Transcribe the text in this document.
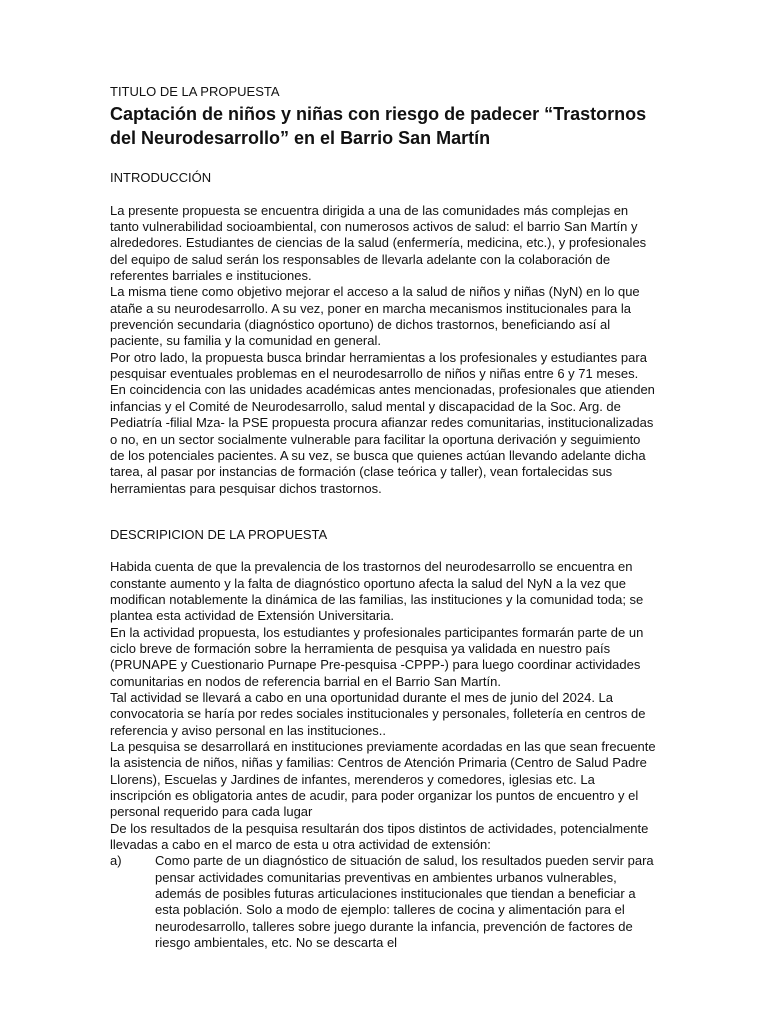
TITULO DE LA PROPUESTA

Captación de niños y niñas con riesgo de padecer “Trastornos del Neurodesarrollo” en el Barrio San Martín

INTRODUCCIÓN

La presente propuesta se encuentra dirigida a una de las comunidades más complejas en tanto vulnerabilidad socioambiental, con numerosos activos de salud: el barrio San Martín y alrededores. Estudiantes de ciencias de la salud (enfermería, medicina, etc.), y profesionales del equipo de salud serán los responsables de llevarla adelante con la colaboración de referentes barriales e instituciones.

La misma tiene como objetivo mejorar el acceso a la salud de niños y niñas (NyN) en lo que atañe a su neurodesarrollo. A su vez, poner en marcha mecanismos institucionales para la prevención secundaria (diagnóstico oportuno) de dichos trastornos, beneficiando así al paciente, su familia y la comunidad en general.

Por otro lado, la propuesta busca brindar herramientas a los profesionales y estudiantes para pesquisar eventuales problemas en el neurodesarrollo de niños y niñas entre 6 y 71 meses.

En coincidencia con las unidades académicas antes mencionadas, profesionales que atienden infancias y el Comité de Neurodesarrollo, salud mental y discapacidad de la Soc. Arg. de Pediatría -filial Mza- la PSE propuesta procura afianzar redes comunitarias, institucionalizadas o no, en un sector socialmente vulnerable para facilitar la oportuna derivación y seguimiento de los potenciales pacientes. A su vez, se busca que quienes actúan llevando adelante dicha tarea, al pasar por instancias de formación (clase teórica y taller), vean fortalecidas sus herramientas para pesquisar dichos trastornos.

DESCRIPICION DE LA PROPUESTA

Habida cuenta de que la prevalencia de los trastornos del neurodesarrollo se encuentra en constante aumento y la falta de diagnóstico oportuno afecta la salud del NyN a la vez que modifican notablemente la dinámica de las familias, las instituciones y la comunidad toda; se plantea esta actividad de Extensión Universitaria.

En la actividad propuesta, los estudiantes y profesionales participantes formarán parte de un ciclo breve de formación sobre la herramienta de pesquisa ya validada en nuestro país (PRUNAPE y Cuestionario Purnape Pre-pesquisa -CPPP-) para luego coordinar actividades comunitarias en nodos de referencia barrial en el Barrio San Martín.

Tal actividad se llevará a cabo en una oportunidad durante el mes de junio del 2024. La convocatoria se haría por redes sociales institucionales y personales, folletería en centros de referencia y aviso personal en las instituciones..

La pesquisa se desarrollará en instituciones previamente acordadas en las que sean frecuente la asistencia de niños, niñas y familias: Centros de Atención Primaria (Centro de Salud Padre Llorens), Escuelas y Jardines de infantes, merenderos y comedores, iglesias etc. La inscripción es obligatoria antes de acudir, para poder organizar los puntos de encuentro y el personal requerido para cada lugar

De los resultados de la pesquisa resultarán dos tipos distintos de actividades, potencialmente llevadas a cabo en el marco de esta u otra actividad de extensión:

a)	Como parte de un diagnóstico de situación de salud, los resultados pueden servir para pensar actividades comunitarias preventivas en ambientes urbanos vulnerables, además de posibles futuras articulaciones institucionales que tiendan a beneficiar a esta población. Solo a modo de ejemplo: talleres de cocina y alimentación para el neurodesarrollo, talleres sobre juego durante la infancia, prevención de factores de riesgo ambientales, etc. No se descarta el
